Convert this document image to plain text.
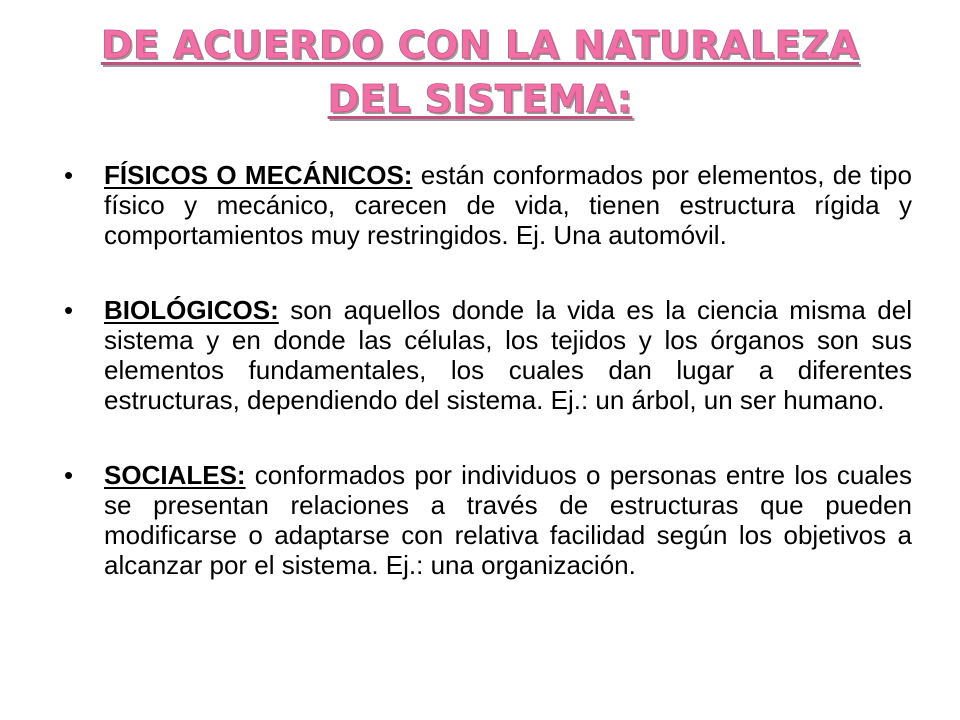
DE ACUERDO CON LA NATURALEZA
DEL SISTEMA:
• FÍSICOS O MECÁNICOS: están conformados por elementos, de tipo físico y mecánico, carecen de vida, tienen estructura rígida y comportamientos muy restringidos. Ej. Una automóvil.
• BIOLÓGICOS: son aquellos donde la vida es la ciencia misma del sistema y en donde las células, los tejidos y los órganos son sus elementos fundamentales, los cuales dan lugar a diferentes estructuras, dependiendo del sistema. Ej.: un árbol, un ser humano.
• SOCIALES: conformados por individuos o personas entre los cuales se presentan relaciones a través de estructuras que pueden modificarse o adaptarse con relativa facilidad según los objetivos a alcanzar por el sistema. Ej.: una organización.
